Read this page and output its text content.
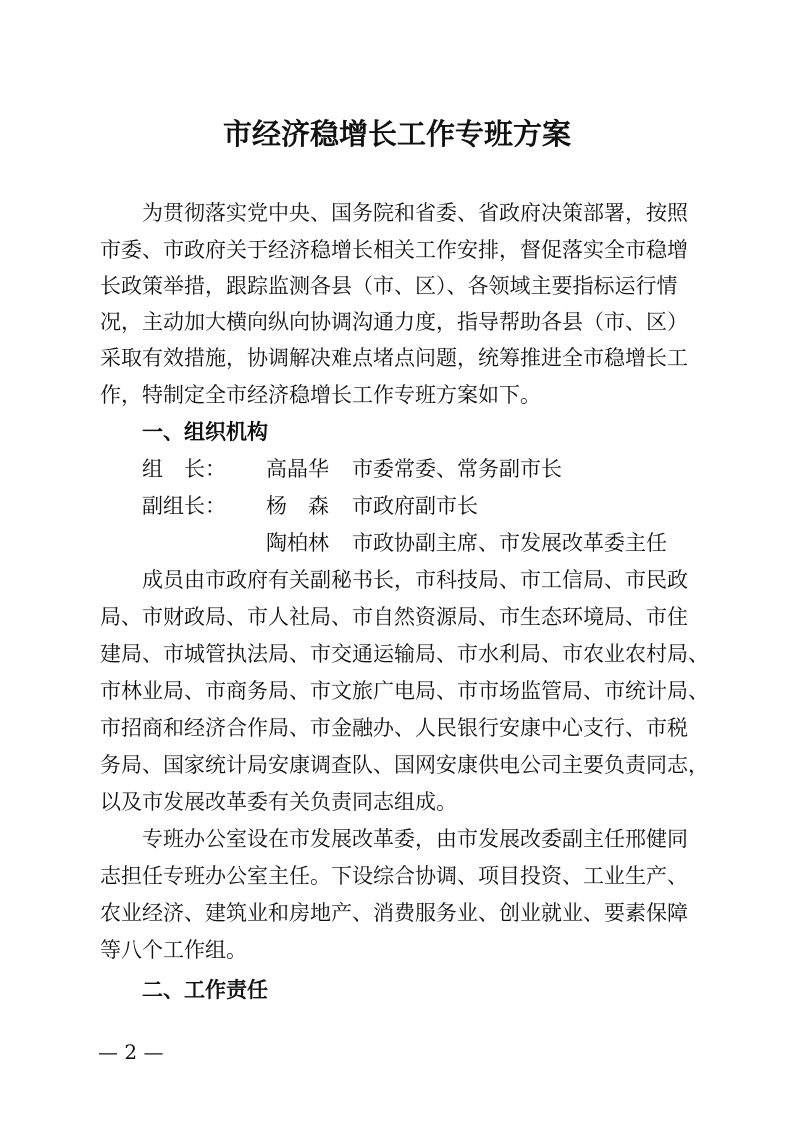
市经济稳增长工作专班方案
为贯彻落实党中央、国务院和省委、省政府决策部署，按照
市委、市政府关于经济稳增长相关工作安排，督促落实全市稳增
长政策举措，跟踪监测各县（市、区）、各领域主要指标运行情
况，主动加大横向纵向协调沟通力度，指导帮助各县（市、区）
采取有效措施，协调解决难点堵点问题，统筹推进全市稳增长工
作，特制定全市经济稳增长工作专班方案如下。
一、组织机构
组　长： 高晶华 市委常委、常务副市长
副组长： 杨　森 市政府副市长
陶柏林 市政协副主席、市发展改革委主任
成员由市政府有关副秘书长，市科技局、市工信局、市民政
局、市财政局、市人社局、市自然资源局、市生态环境局、市住
建局、市城管执法局、市交通运输局、市水利局、市农业农村局、
市林业局、市商务局、市文旅广电局、市市场监管局、市统计局、
市招商和经济合作局、市金融办、人民银行安康中心支行、市税
务局、国家统计局安康调查队、国网安康供电公司主要负责同志，
以及市发展改革委有关负责同志组成。
专班办公室设在市发展改革委，由市发展改委副主任邢健同
志担任专班办公室主任。下设综合协调、项目投资、工业生产、
农业经济、建筑业和房地产、消费服务业、创业就业、要素保障
等八个工作组。
二、工作责任
— 2 —
